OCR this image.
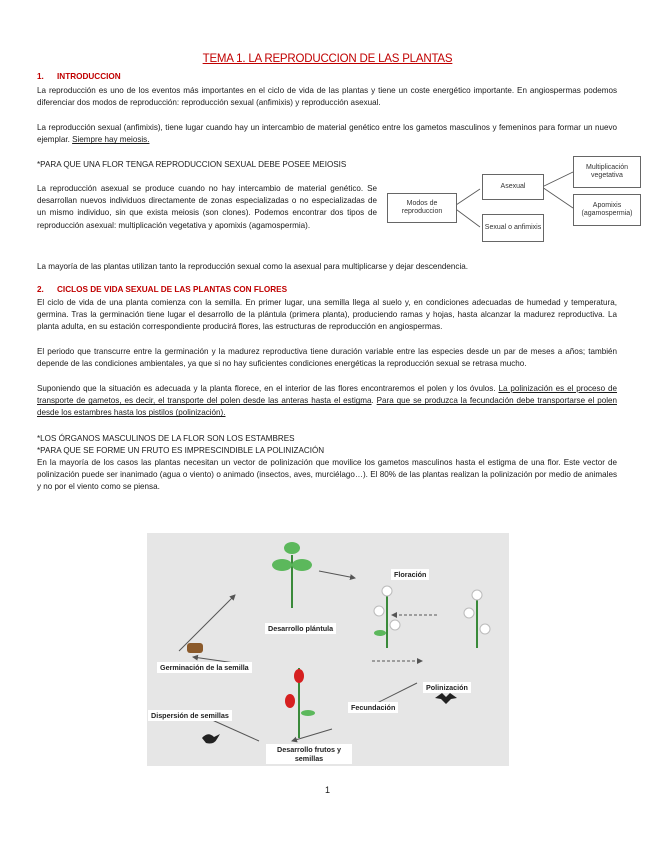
TEMA 1. LA REPRODUCCION DE LAS PLANTAS
1. INTRODUCCION
La reproducción es uno de los eventos más importantes en el ciclo de vida de las plantas y tiene un coste energético importante. En angiospermas podemos diferenciar dos modos de reproducción: reproducción sexual (anfimixis) y reproducción asexual.
La reproducción sexual (anfimixis), tiene lugar cuando hay un intercambio de material genético entre los gametos masculinos y femeninos para formar un nuevo ejemplar. Siempre hay meiosis.
*PARA QUE UNA FLOR TENGA REPRODUCCION SEXUAL DEBE POSEE MEIOSIS
La reproducción asexual se produce cuando no hay intercambio de material genético. Se desarrollan nuevos individuos directamente de zonas especializadas o no especializadas de un mismo individuo, sin que exista meiosis (son clones). Podemos encontrar dos tipos de reproducción asexual: multiplicación vegetativa y apomixis (agamospermia).
Modos de reproduccion
Asexual
Sexual o anfimixis
Multiplicación vegetativa
Apomixis (agamospermia)
La mayoría de las plantas utilizan tanto la reproducción sexual como la asexual para multiplicarse y dejar descendencia.
2. CICLOS DE VIDA SEXUAL DE LAS PLANTAS CON FLORES
El ciclo de vida de una planta comienza con la semilla. En primer lugar, una semilla llega al suelo y, en condiciones adecuadas de humedad y temperatura, germina. Tras la germinación tiene lugar el desarrollo de la plántula (primera planta), produciendo ramas y hojas, hasta alcanzar la madurez reproductiva. La planta adulta, en su estación correspondiente producirá flores, las estructuras de reproducción en angiospermas.
El periodo que transcurre entre la germinación y la madurez reproductiva tiene duración variable entre las especies desde un par de meses a años; también depende de las condiciones ambientales, ya que si no hay suficientes condiciones energéticas la reproducción sexual se retrasa mucho.
Suponiendo que la situación es adecuada y la planta florece, en el interior de las flores encontraremos el polen y los óvulos. La polinización es el proceso de transporte de gametos, es decir, el transporte del polen desde las anteras hasta el estigma. Para que se produzca la fecundación debe transportarse el polen desde los estambres hasta los pistilos (polinización).
*LOS ÓRGANOS MASCULINOS DE LA FLOR SON LOS ESTAMBRES
*PARA QUE SE FORME UN FRUTO ES IMPRESCINDIBLE LA POLINIZACIÓN
En la mayoría de los casos las plantas necesitan un vector de polinización que movilice los gametos masculinos hasta el estigma de una flor. Este vector de polinización puede ser inanimado (agua o viento) o animado (insectos, aves, murciélago…). El 80% de las plantas realizan la polinización por medio de animales y no por el viento como se piensa.
Floración
Desarrollo plántula
Germinación de la semilla
Dispersión de semillas
Fecundación
Polinización
Desarrollo frutos y semillas
1
